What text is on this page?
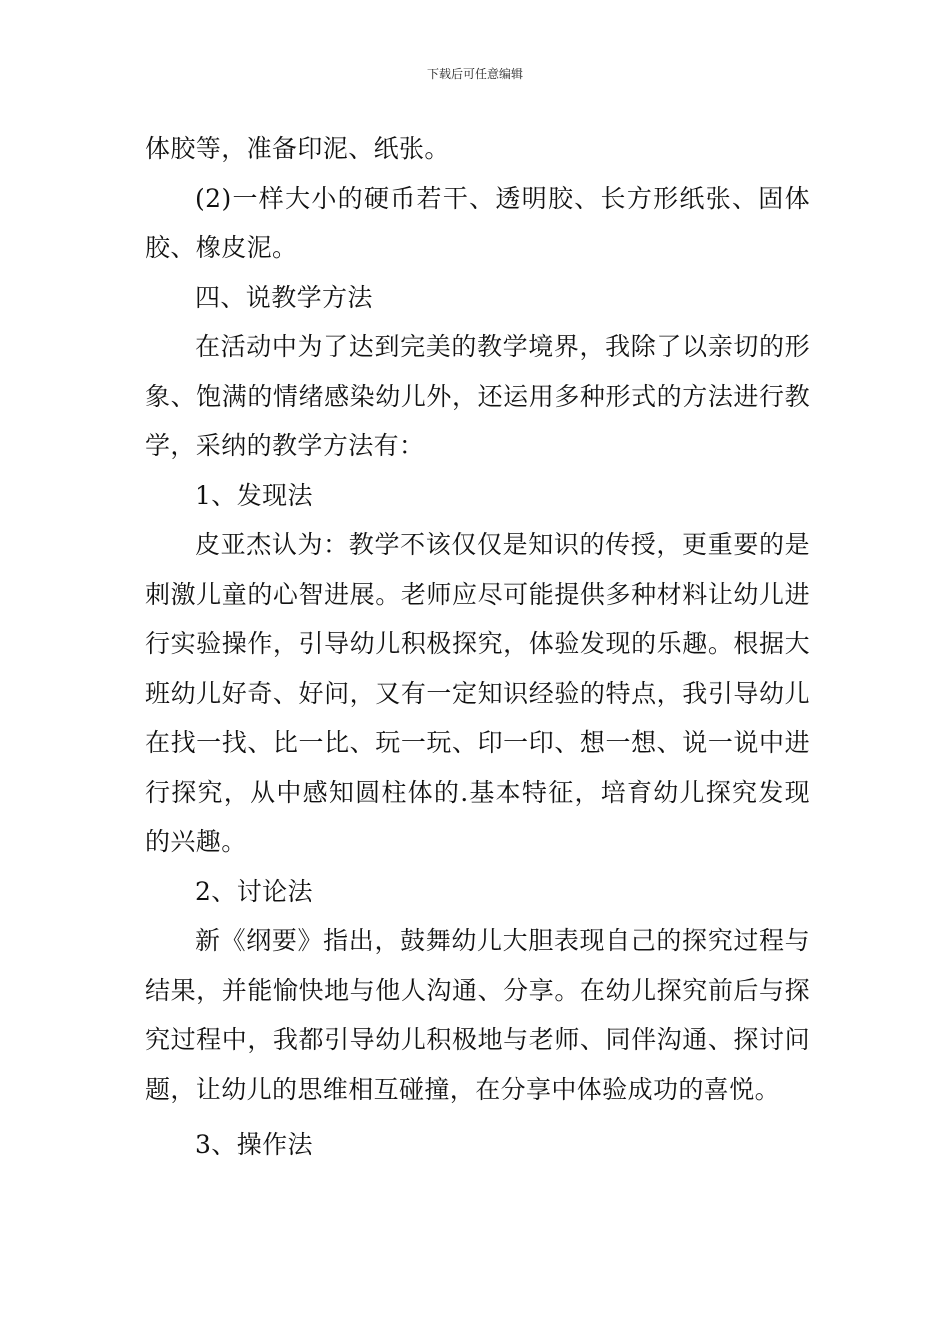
下载后可任意编辑

体胶等，准备印泥、纸张。

(2)一样大小的硬币若干、透明胶、长方形纸张、固体胶、橡皮泥。

四、说教学方法

在活动中为了达到完美的教学境界，我除了以亲切的形象、饱满的情绪感染幼儿外，还运用多种形式的方法进行教学，采纳的教学方法有：

1、发现法

皮亚杰认为：教学不该仅仅是知识的传授，更重要的是刺激儿童的心智进展。老师应尽可能提供多种材料让幼儿进行实验操作，引导幼儿积极探究，体验发现的乐趣。根据大班幼儿好奇、好问，又有一定知识经验的特点，我引导幼儿在找一找、比一比、玩一玩、印一印、想一想、说一说中进行探究，从中感知圆柱体的.基本特征，培育幼儿探究发现的兴趣。

2、讨论法

新《纲要》指出，鼓舞幼儿大胆表现自己的探究过程与结果，并能愉快地与他人沟通、分享。在幼儿探究前后与探究过程中，我都引导幼儿积极地与老师、同伴沟通、探讨问题，让幼儿的思维相互碰撞，在分享中体验成功的喜悦。

3、操作法
